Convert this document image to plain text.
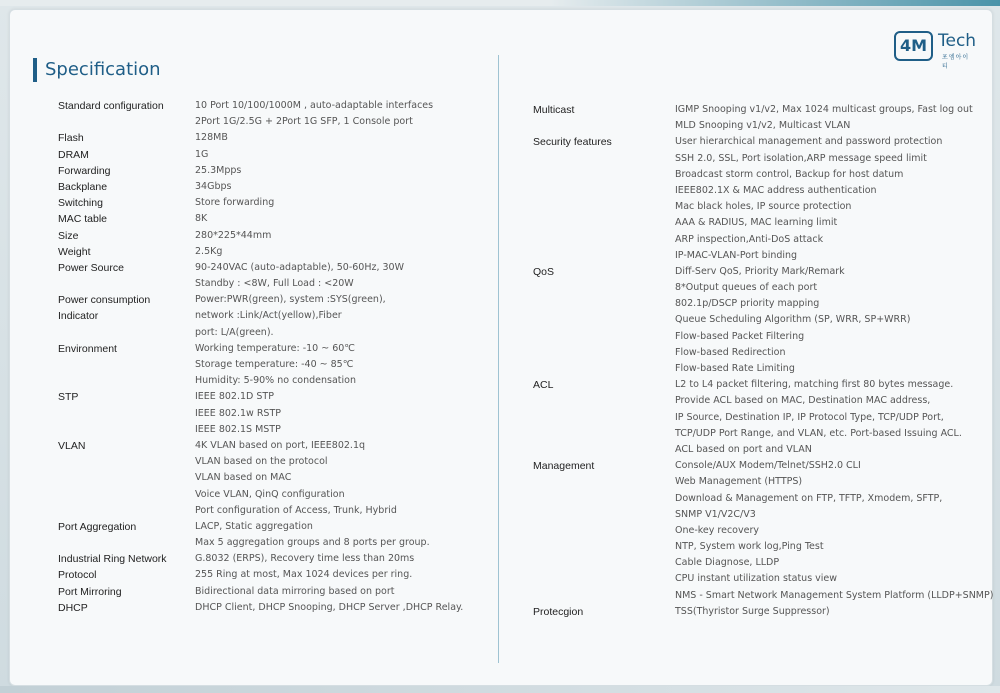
4M Tech
포엠아이티
Specification
Standard configuration	10 Port 10/100/1000M , auto-adaptable interfaces
2Port 1G/2.5G + 2Port 1G SFP, 1 Console port
Flash	128MB
DRAM	1G
Forwarding	25.3Mpps
Backplane	34Gbps
Switching	Store forwarding
MAC table	8K
Size	280*225*44mm
Weight	2.5Kg
Power Source	90-240VAC (auto-adaptable), 50-60Hz, 30W
Standby : <8W, Full Load : <20W
Power consumption	Power:PWR(green), system :SYS(green),
Indicator	network :Link/Act(yellow),Fiber
port: L/A(green).
Environment	Working temperature: -10 ~ 60℃
Storage temperature: -40 ~ 85℃
Humidity: 5-90% no condensation
STP	IEEE 802.1D STP
IEEE 802.1w RSTP
IEEE 802.1S MSTP
VLAN	4K VLAN based on port, IEEE802.1q
VLAN based on the protocol
VLAN based on MAC
Voice VLAN, QinQ configuration
Port configuration of Access, Trunk, Hybrid
Port Aggregation	LACP, Static aggregation
Max 5 aggregation groups and 8 ports per group.
Industrial Ring Network	G.8032 (ERPS), Recovery time less than 20ms
Protocol	255 Ring at most, Max 1024 devices per ring.
Port Mirroring	Bidirectional data mirroring based on port
DHCP	DHCP Client, DHCP Snooping, DHCP Server ,DHCP Relay.
Multicast	IGMP Snooping v1/v2, Max 1024 multicast groups, Fast log out
MLD Snooping v1/v2, Multicast VLAN
Security features	User hierarchical management and password protection
SSH 2.0, SSL, Port isolation,ARP message speed limit
Broadcast storm control, Backup for host datum
IEEE802.1X & MAC address authentication
Mac black holes, IP source protection
AAA & RADIUS, MAC learning limit
ARP inspection,Anti-DoS attack
IP-MAC-VLAN-Port binding
QoS	Diff-Serv QoS, Priority Mark/Remark
8*Output queues of each port
802.1p/DSCP priority mapping
Queue Scheduling Algorithm (SP, WRR, SP+WRR)
Flow-based Packet Filtering
Flow-based Redirection
Flow-based Rate Limiting
ACL	L2 to L4 packet filtering, matching first 80 bytes message.
Provide ACL based on MAC, Destination MAC address,
IP Source, Destination IP, IP Protocol Type, TCP/UDP Port,
TCP/UDP Port Range, and VLAN, etc. Port-based Issuing ACL.
ACL based on port and VLAN
Management	Console/AUX Modem/Telnet/SSH2.0 CLI
Web Management (HTTPS)
Download & Management on FTP, TFTP, Xmodem, SFTP,
SNMP V1/V2C/V3
One-key recovery
NTP, System work log,Ping Test
Cable Diagnose, LLDP
CPU instant utilization status view
NMS - Smart Network Management System Platform (LLDP+SNMP)
Protecgion	TSS(Thyristor Surge Suppressor)
